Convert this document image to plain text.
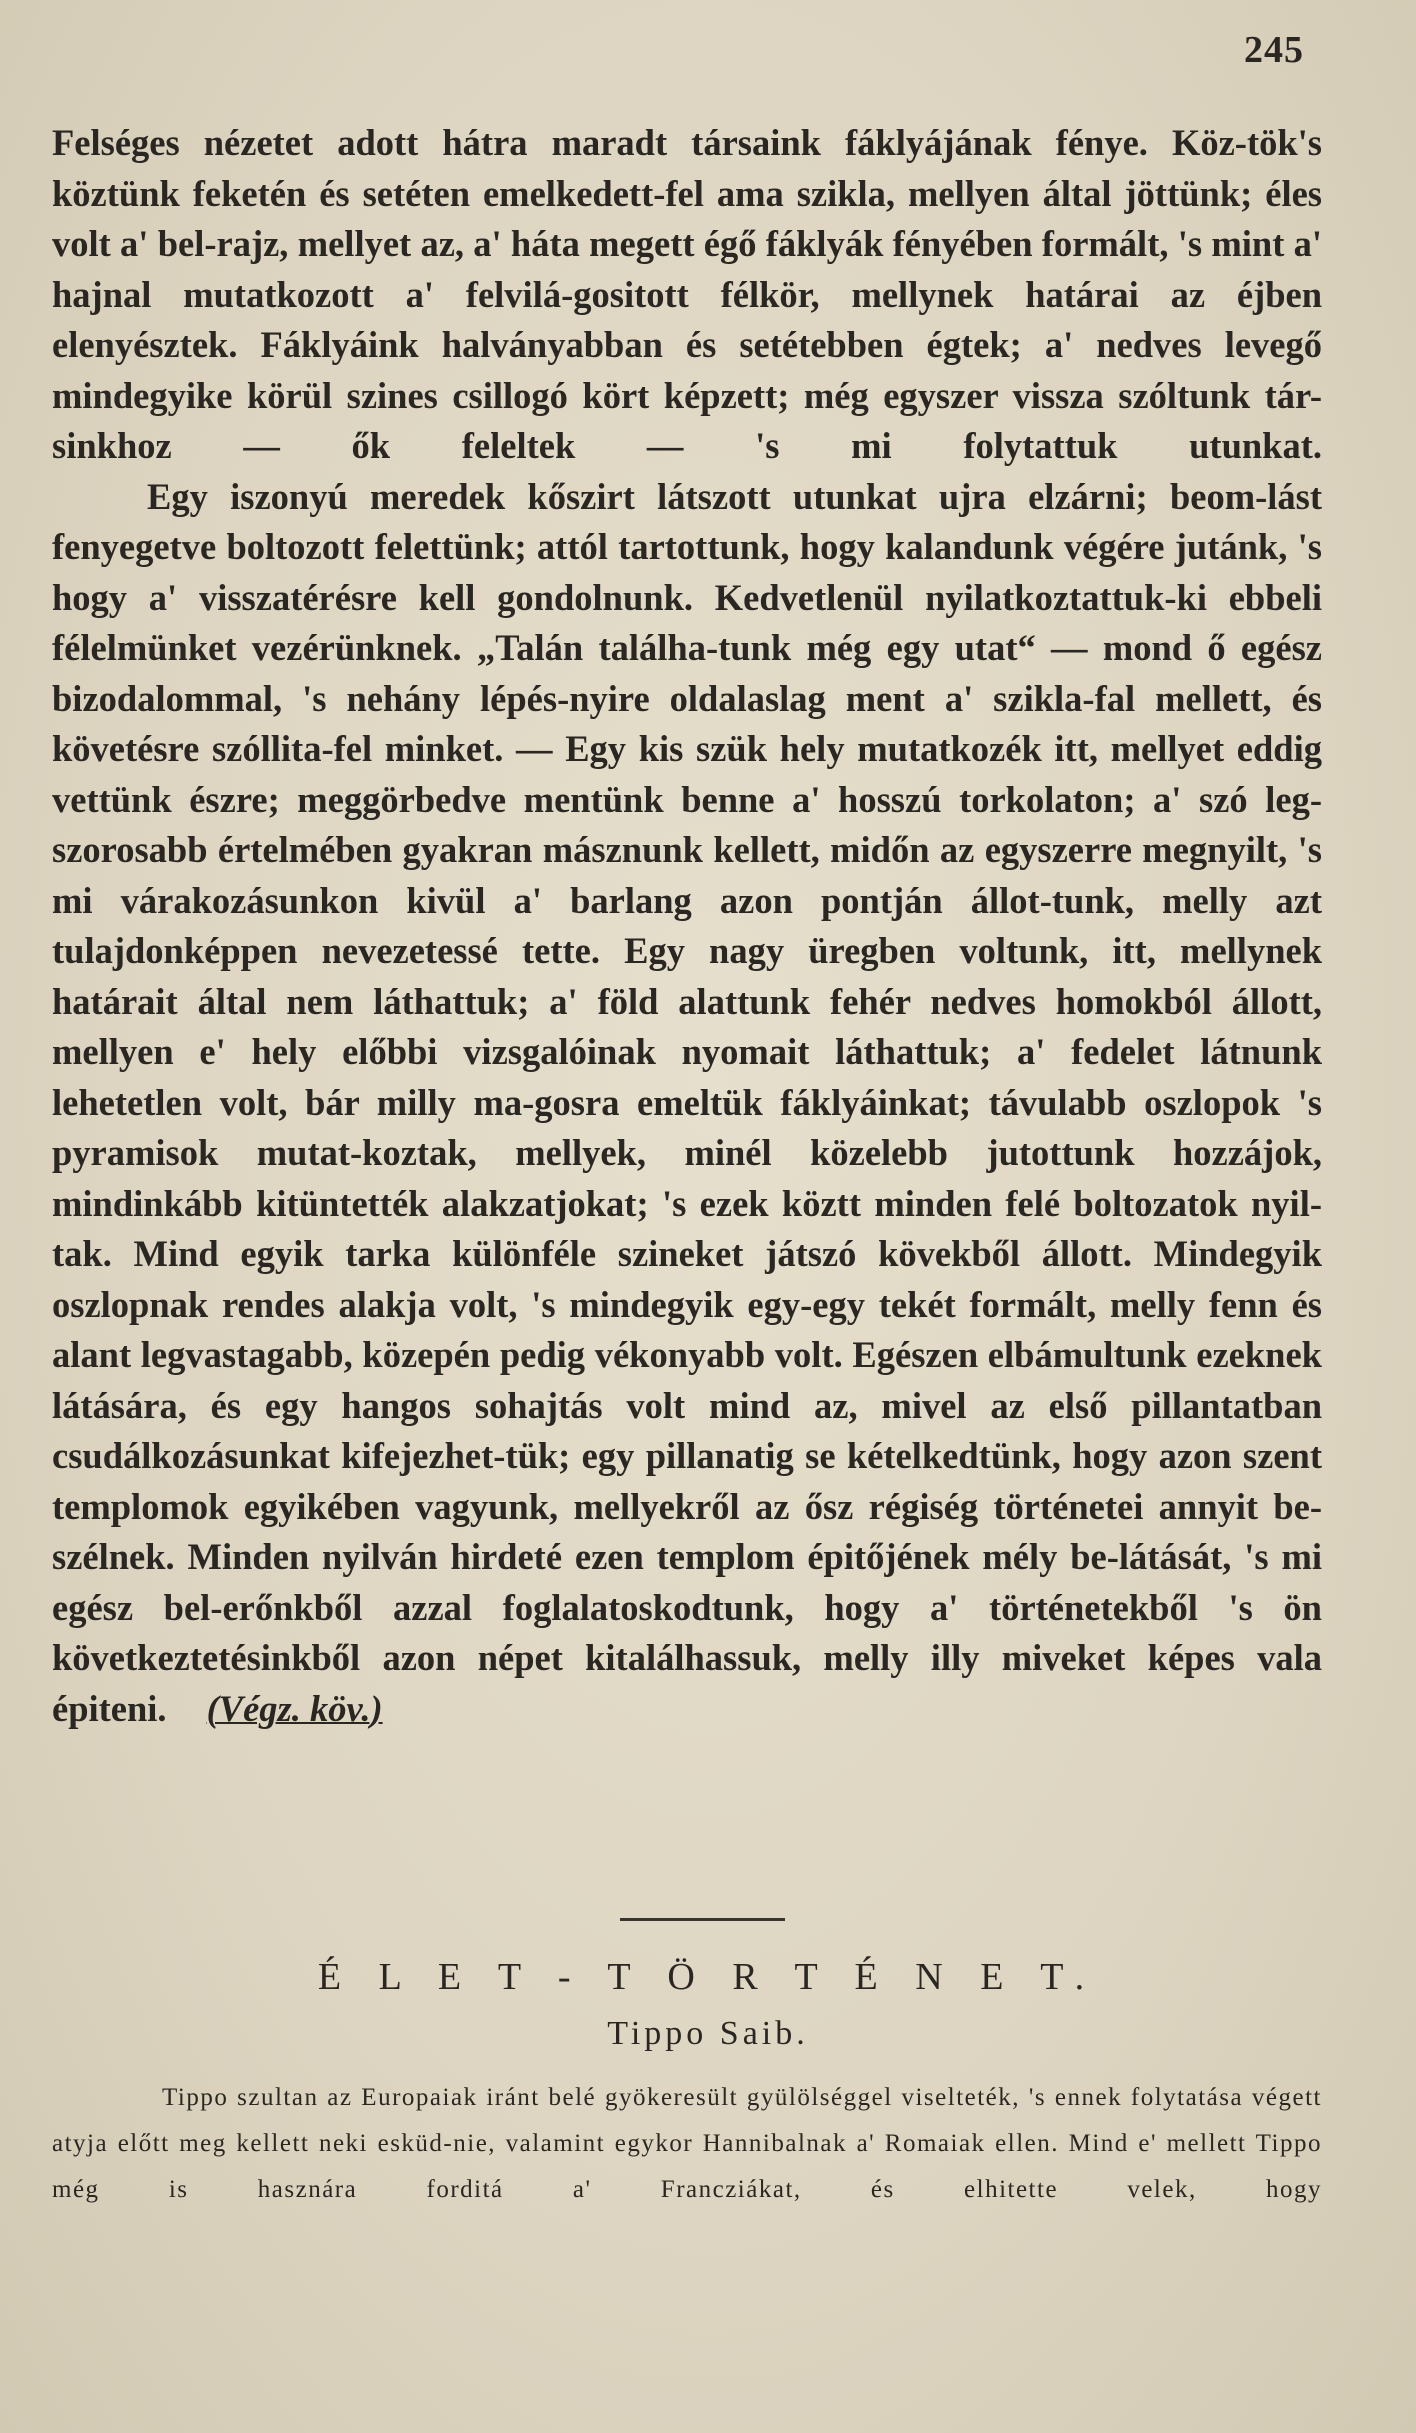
245

Felséges nézetet adott hátra maradt társaink fáklyájának fénye. Köz-tök's köztünk feketén és setéten emelkedett-fel ama szikla, mellyen által jöttünk; éles volt a' bel-rajz, mellyet az, a' háta megett égő fáklyák fényében formált, 's mint a' hajnal mutatkozott a' felvilá-gositott félkör, mellynek határai az éjben elenyésztek. Fáklyáink halványabban és setétebben égtek; a' nedves levegő mindegyike körül szines csillogó kört képzett; még egyszer vissza szóltunk tár-sinkhoz — ők feleltek — 's mi folytattuk utunkat.

Egy iszonyú meredek kőszirt látszott utunkat ujra elzárni; beom-lást fenyegetve boltozott felettünk; attól tartottunk, hogy kalandunk végére jutánk, 's hogy a' visszatérésre kell gondolnunk. Kedvetlenül nyilatkoztattuk-ki ebbeli félelmünket vezérünknek. „Talán találha-tunk még egy utat“ — mond ő egész bizodalommal, 's nehány lépés-nyire oldalaslag ment a' szikla-fal mellett, és követésre szóllita-fel minket. — Egy kis szük hely mutatkozék itt, mellyet eddig vettünk észre; meggörbedve mentünk benne a' hosszú torkolaton; a' szó leg-szorosabb értelmében gyakran másznunk kellett, midőn az egyszerre megnyilt, 's mi várakozásunkon kivül a' barlang azon pontján állot-tunk, melly azt tulajdonképpen nevezetessé tette. Egy nagy üregben voltunk, itt, mellynek határait által nem láthattuk; a' föld alattunk fehér nedves homokból állott, mellyen e' hely előbbi vizsgalóinak nyomait láthattuk; a' fedelet látnunk lehetetlen volt, bár milly ma-gosra emeltük fáklyáinkat; távulabb oszlopok 's pyramisok mutat-koztak, mellyek, minél közelebb jutottunk hozzájok, mindinkább kitüntették alakzatjokat; 's ezek köztt minden felé boltozatok nyil-tak. Mind egyik tarka különféle szineket játszó kövekből állott. Mindegyik oszlopnak rendes alakja volt, 's mindegyik egy-egy tekét formált, melly fenn és alant legvastagabb, közepén pedig vékonyabb volt. Egészen elbámultunk ezeknek látására, és egy hangos sohajtás volt mind az, mivel az első pillantatban csudálkozásunkat kifejezhet-tük; egy pillanatig se kételkedtünk, hogy azon szent templomok egyikében vagyunk, mellyekről az ősz régiség történetei annyit be-szélnek. Minden nyilván hirdeté ezen templom épitőjének mély be-látását, 's mi egész bel-erőnkből azzal foglalatoskodtunk, hogy a' történetekből 's ön következtetésinkből azon népet kitalálhassuk, melly illy miveket képes vala épiteni. (Végz. köv.)

É L E T - T Ö R T É N E T.
Tippo Saib.

Tippo szultan az Europaiak iránt belé gyökeresült gyülölséggel viselteték, 's ennek folytatása végett atyja előtt meg kellett neki esküd-nie, valamint egykor Hannibalnak a' Romaiak ellen. Mind e' mellett Tippo még is hasznára forditá a' Francziákat, és elhitette velek, hogy
